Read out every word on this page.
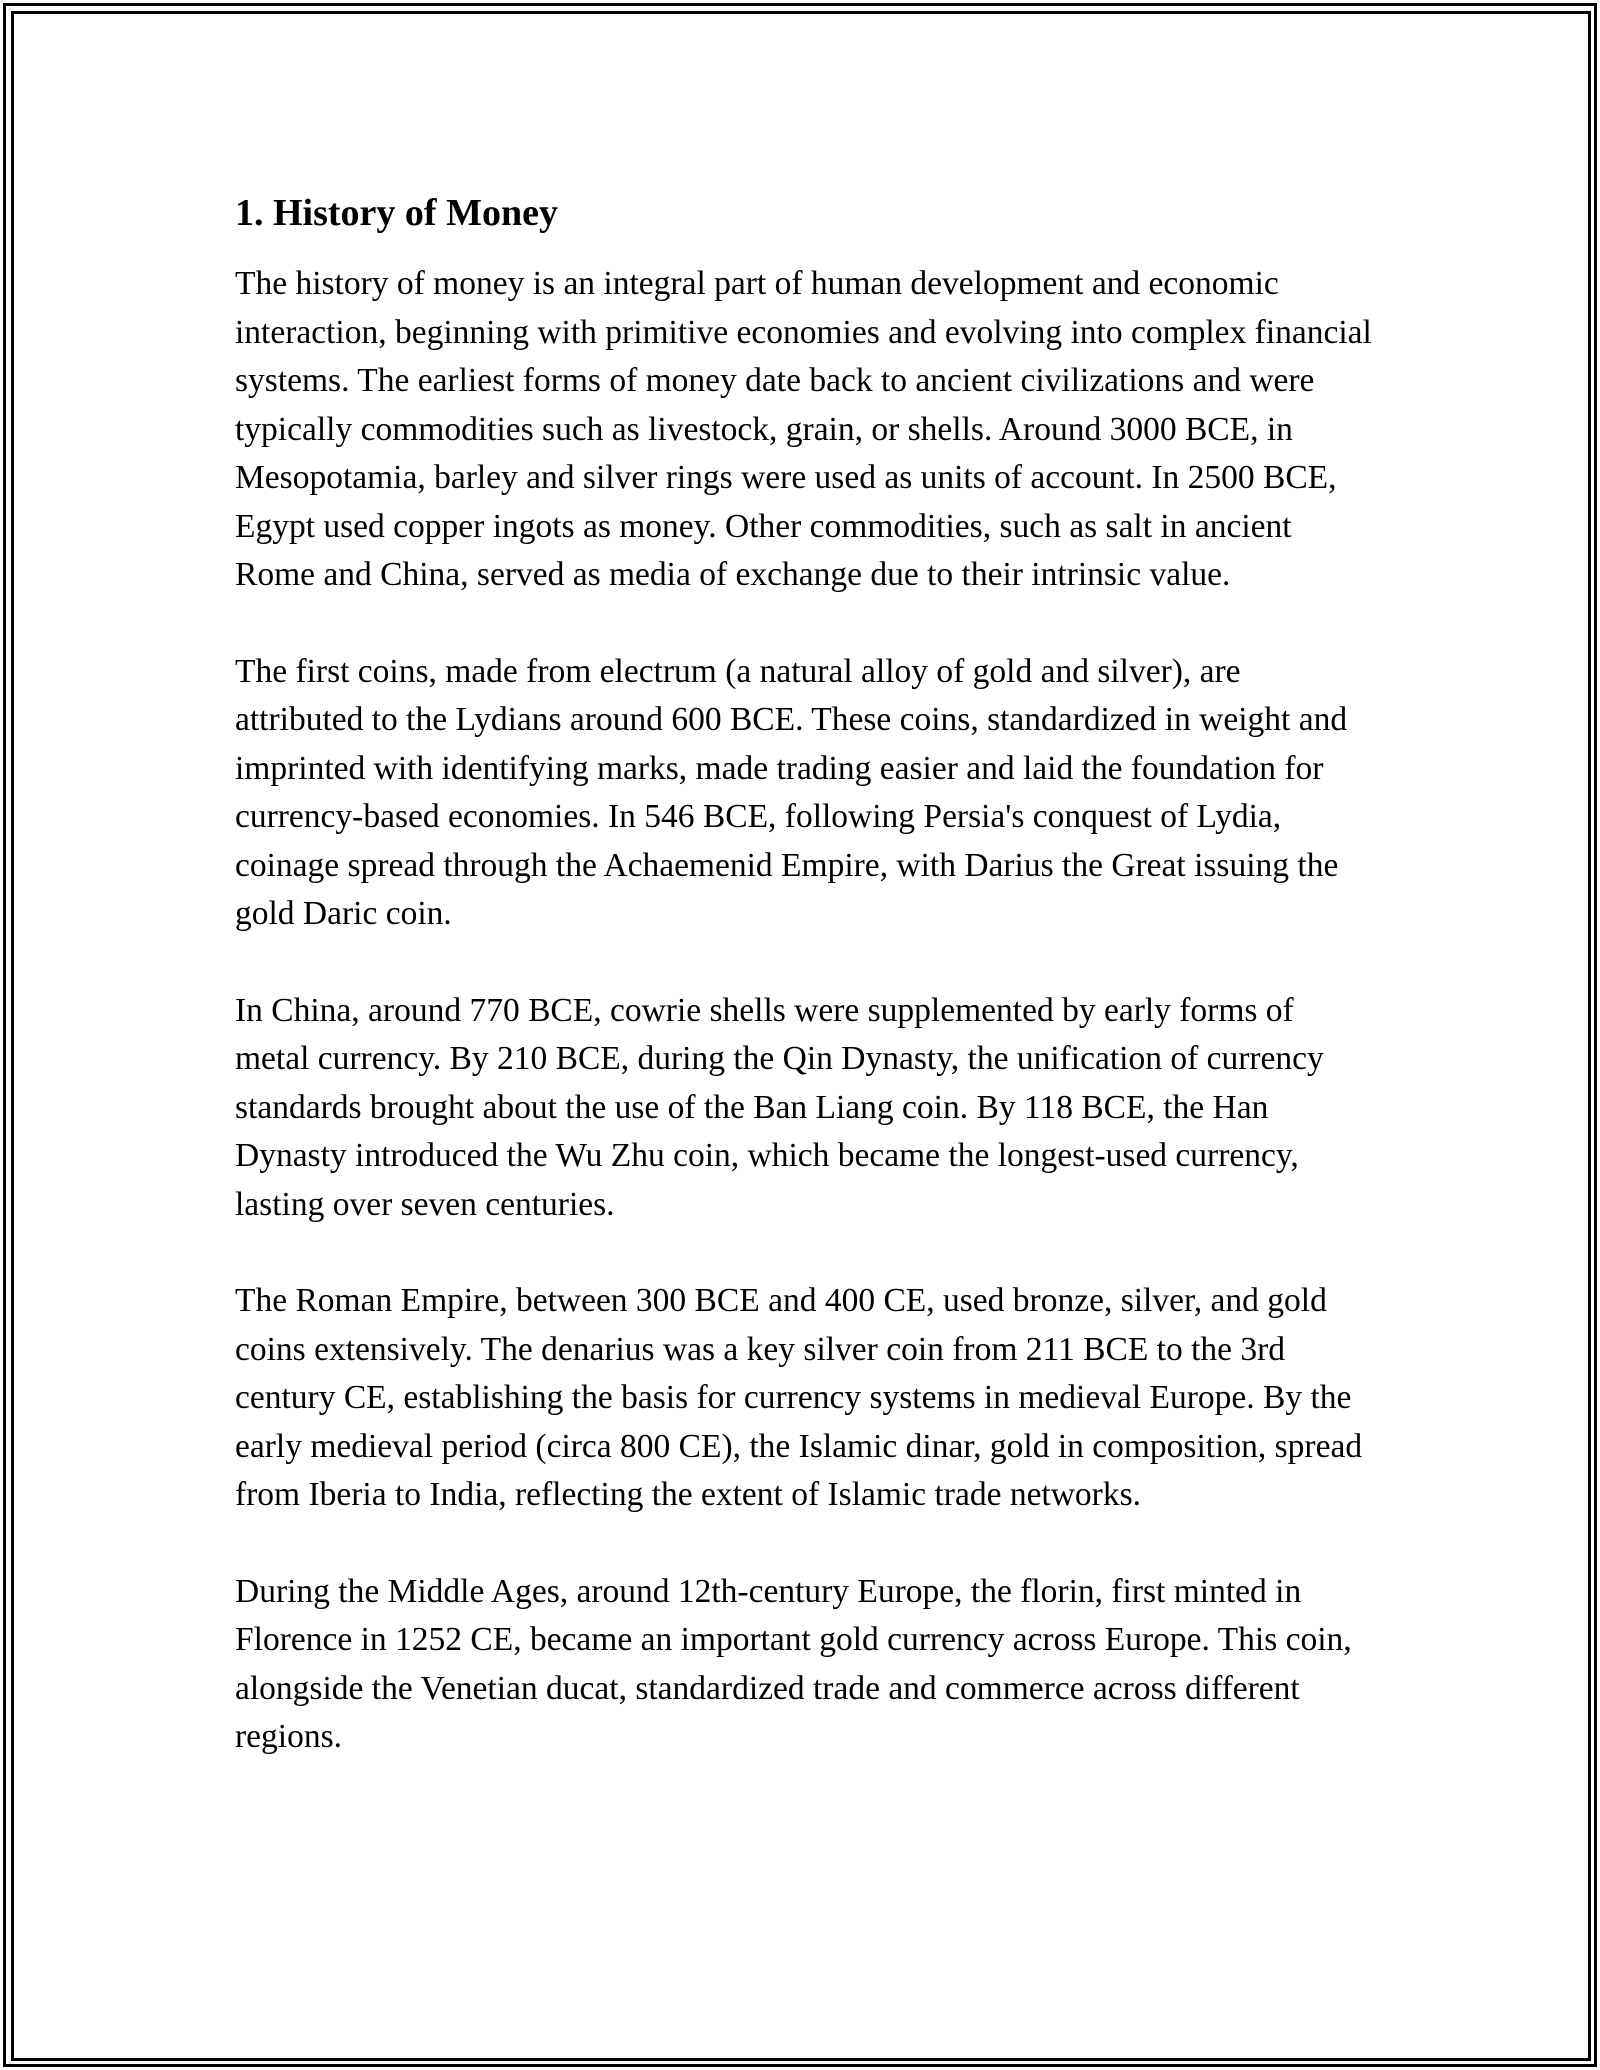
1. History of Money

The history of money is an integral part of human development and economic interaction, beginning with primitive economies and evolving into complex financial systems. The earliest forms of money date back to ancient civilizations and were typically commodities such as livestock, grain, or shells. Around 3000 BCE, in Mesopotamia, barley and silver rings were used as units of account. In 2500 BCE, Egypt used copper ingots as money. Other commodities, such as salt in ancient Rome and China, served as media of exchange due to their intrinsic value.

The first coins, made from electrum (a natural alloy of gold and silver), are attributed to the Lydians around 600 BCE. These coins, standardized in weight and imprinted with identifying marks, made trading easier and laid the foundation for currency-based economies. In 546 BCE, following Persia's conquest of Lydia, coinage spread through the Achaemenid Empire, with Darius the Great issuing the gold Daric coin.

In China, around 770 BCE, cowrie shells were supplemented by early forms of metal currency. By 210 BCE, during the Qin Dynasty, the unification of currency standards brought about the use of the Ban Liang coin. By 118 BCE, the Han Dynasty introduced the Wu Zhu coin, which became the longest-used currency, lasting over seven centuries.

The Roman Empire, between 300 BCE and 400 CE, used bronze, silver, and gold coins extensively. The denarius was a key silver coin from 211 BCE to the 3rd century CE, establishing the basis for currency systems in medieval Europe. By the early medieval period (circa 800 CE), the Islamic dinar, gold in composition, spread from Iberia to India, reflecting the extent of Islamic trade networks.

During the Middle Ages, around 12th-century Europe, the florin, first minted in Florence in 1252 CE, became an important gold currency across Europe. This coin, alongside the Venetian ducat, standardized trade and commerce across different regions.
